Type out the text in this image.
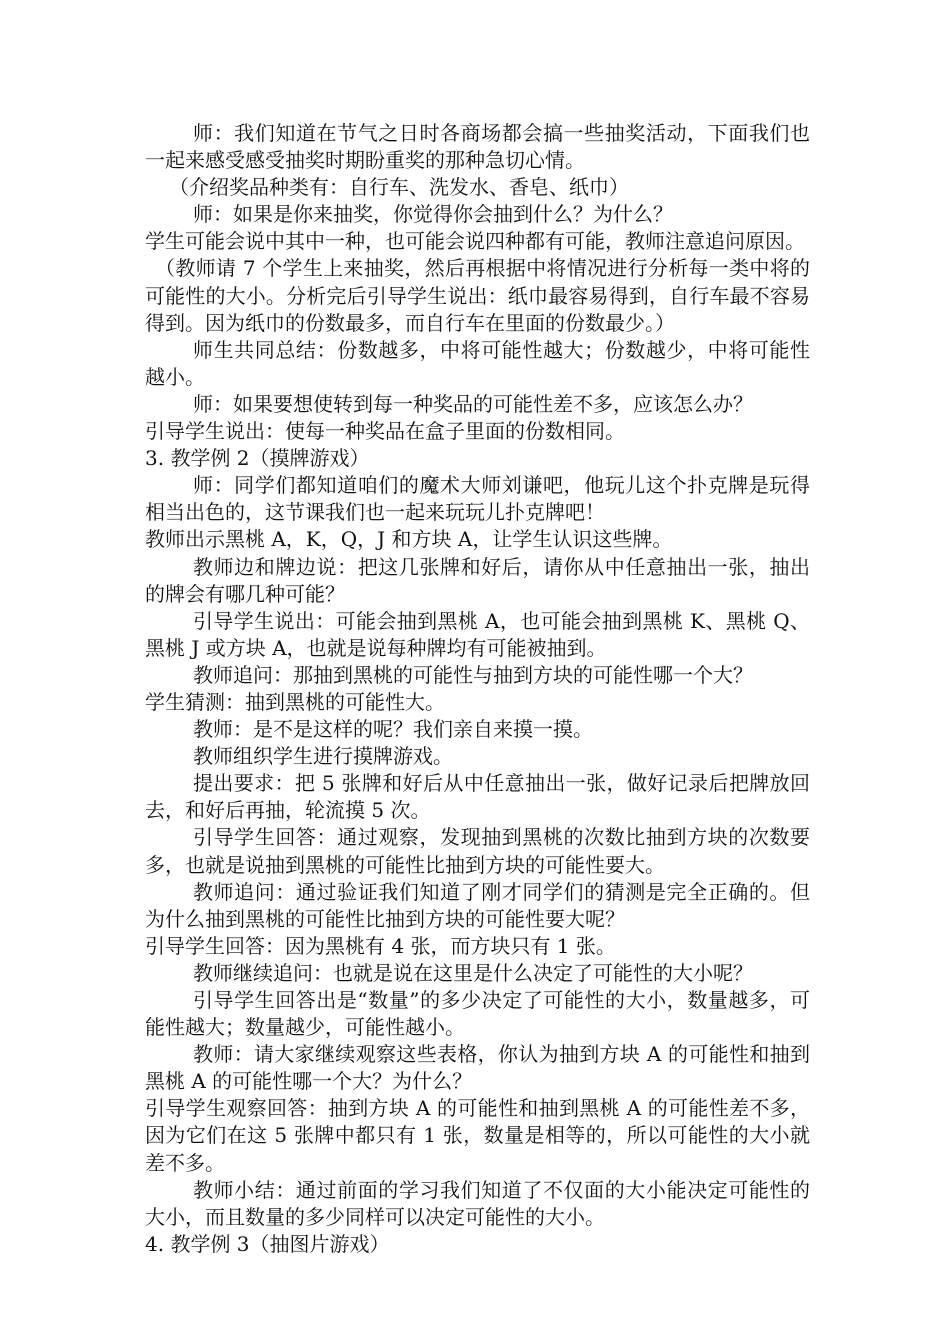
师：我们知道在节气之日时各商场都会搞一些抽奖活动，下面我们也一起来感受感受抽奖时期盼重奖的那种急切心情。

（介绍奖品种类有：自行车、洗发水、香皂、纸巾）

师：如果是你来抽奖，你觉得你会抽到什么？为什么？

学生可能会说中其中一种，也可能会说四种都有可能，教师注意追问原因。

（教师请 7 个学生上来抽奖，然后再根据中将情况进行分析每一类中将的可能性的大小。分析完后引导学生说出：纸巾最容易得到，自行车最不容易得到。因为纸巾的份数最多，而自行车在里面的份数最少。）

师生共同总结：份数越多，中将可能性越大；份数越少，中将可能性越小。

师：如果要想使转到每一种奖品的可能性差不多，应该怎么办？

引导学生说出：使每一种奖品在盒子里面的份数相同。

3. 教学例 2（摸牌游戏）

师：同学们都知道咱们的魔术大师刘谦吧，他玩儿这个扑克牌是玩得相当出色的，这节课我们也一起来玩玩儿扑克牌吧！

教师出示黑桃 A，K，Q，J 和方块 A，让学生认识这些牌。

教师边和牌边说：把这几张牌和好后，请你从中任意抽出一张，抽出的牌会有哪几种可能？

引导学生说出：可能会抽到黑桃 A，也可能会抽到黑桃 K、黑桃 Q、黑桃 J 或方块 A，也就是说每种牌均有可能被抽到。

教师追问：那抽到黑桃的可能性与抽到方块的可能性哪一个大？

学生猜测：抽到黑桃的可能性大。

教师：是不是这样的呢？我们亲自来摸一摸。

教师组织学生进行摸牌游戏。

提出要求：把 5 张牌和好后从中任意抽出一张，做好记录后把牌放回去，和好后再抽，轮流摸 5 次。

引导学生回答：通过观察，发现抽到黑桃的次数比抽到方块的次数要多，也就是说抽到黑桃的可能性比抽到方块的可能性要大。

教师追问：通过验证我们知道了刚才同学们的猜测是完全正确的。但为什么抽到黑桃的可能性比抽到方块的可能性要大呢？

引导学生回答：因为黑桃有 4 张，而方块只有 1 张。

教师继续追问：也就是说在这里是什么决定了可能性的大小呢？

引导学生回答出是“数量”的多少决定了可能性的大小，数量越多，可能性越大；数量越少，可能性越小。

教师：请大家继续观察这些表格，你认为抽到方块 A 的可能性和抽到黑桃 A 的可能性哪一个大？为什么？

引导学生观察回答：抽到方块 A 的可能性和抽到黑桃 A 的可能性差不多，因为它们在这 5 张牌中都只有 1 张，数量是相等的，所以可能性的大小就差不多。

教师小结：通过前面的学习我们知道了不仅面的大小能决定可能性的大小，而且数量的多少同样可以决定可能性的大小。

4. 教学例 3（抽图片游戏）
